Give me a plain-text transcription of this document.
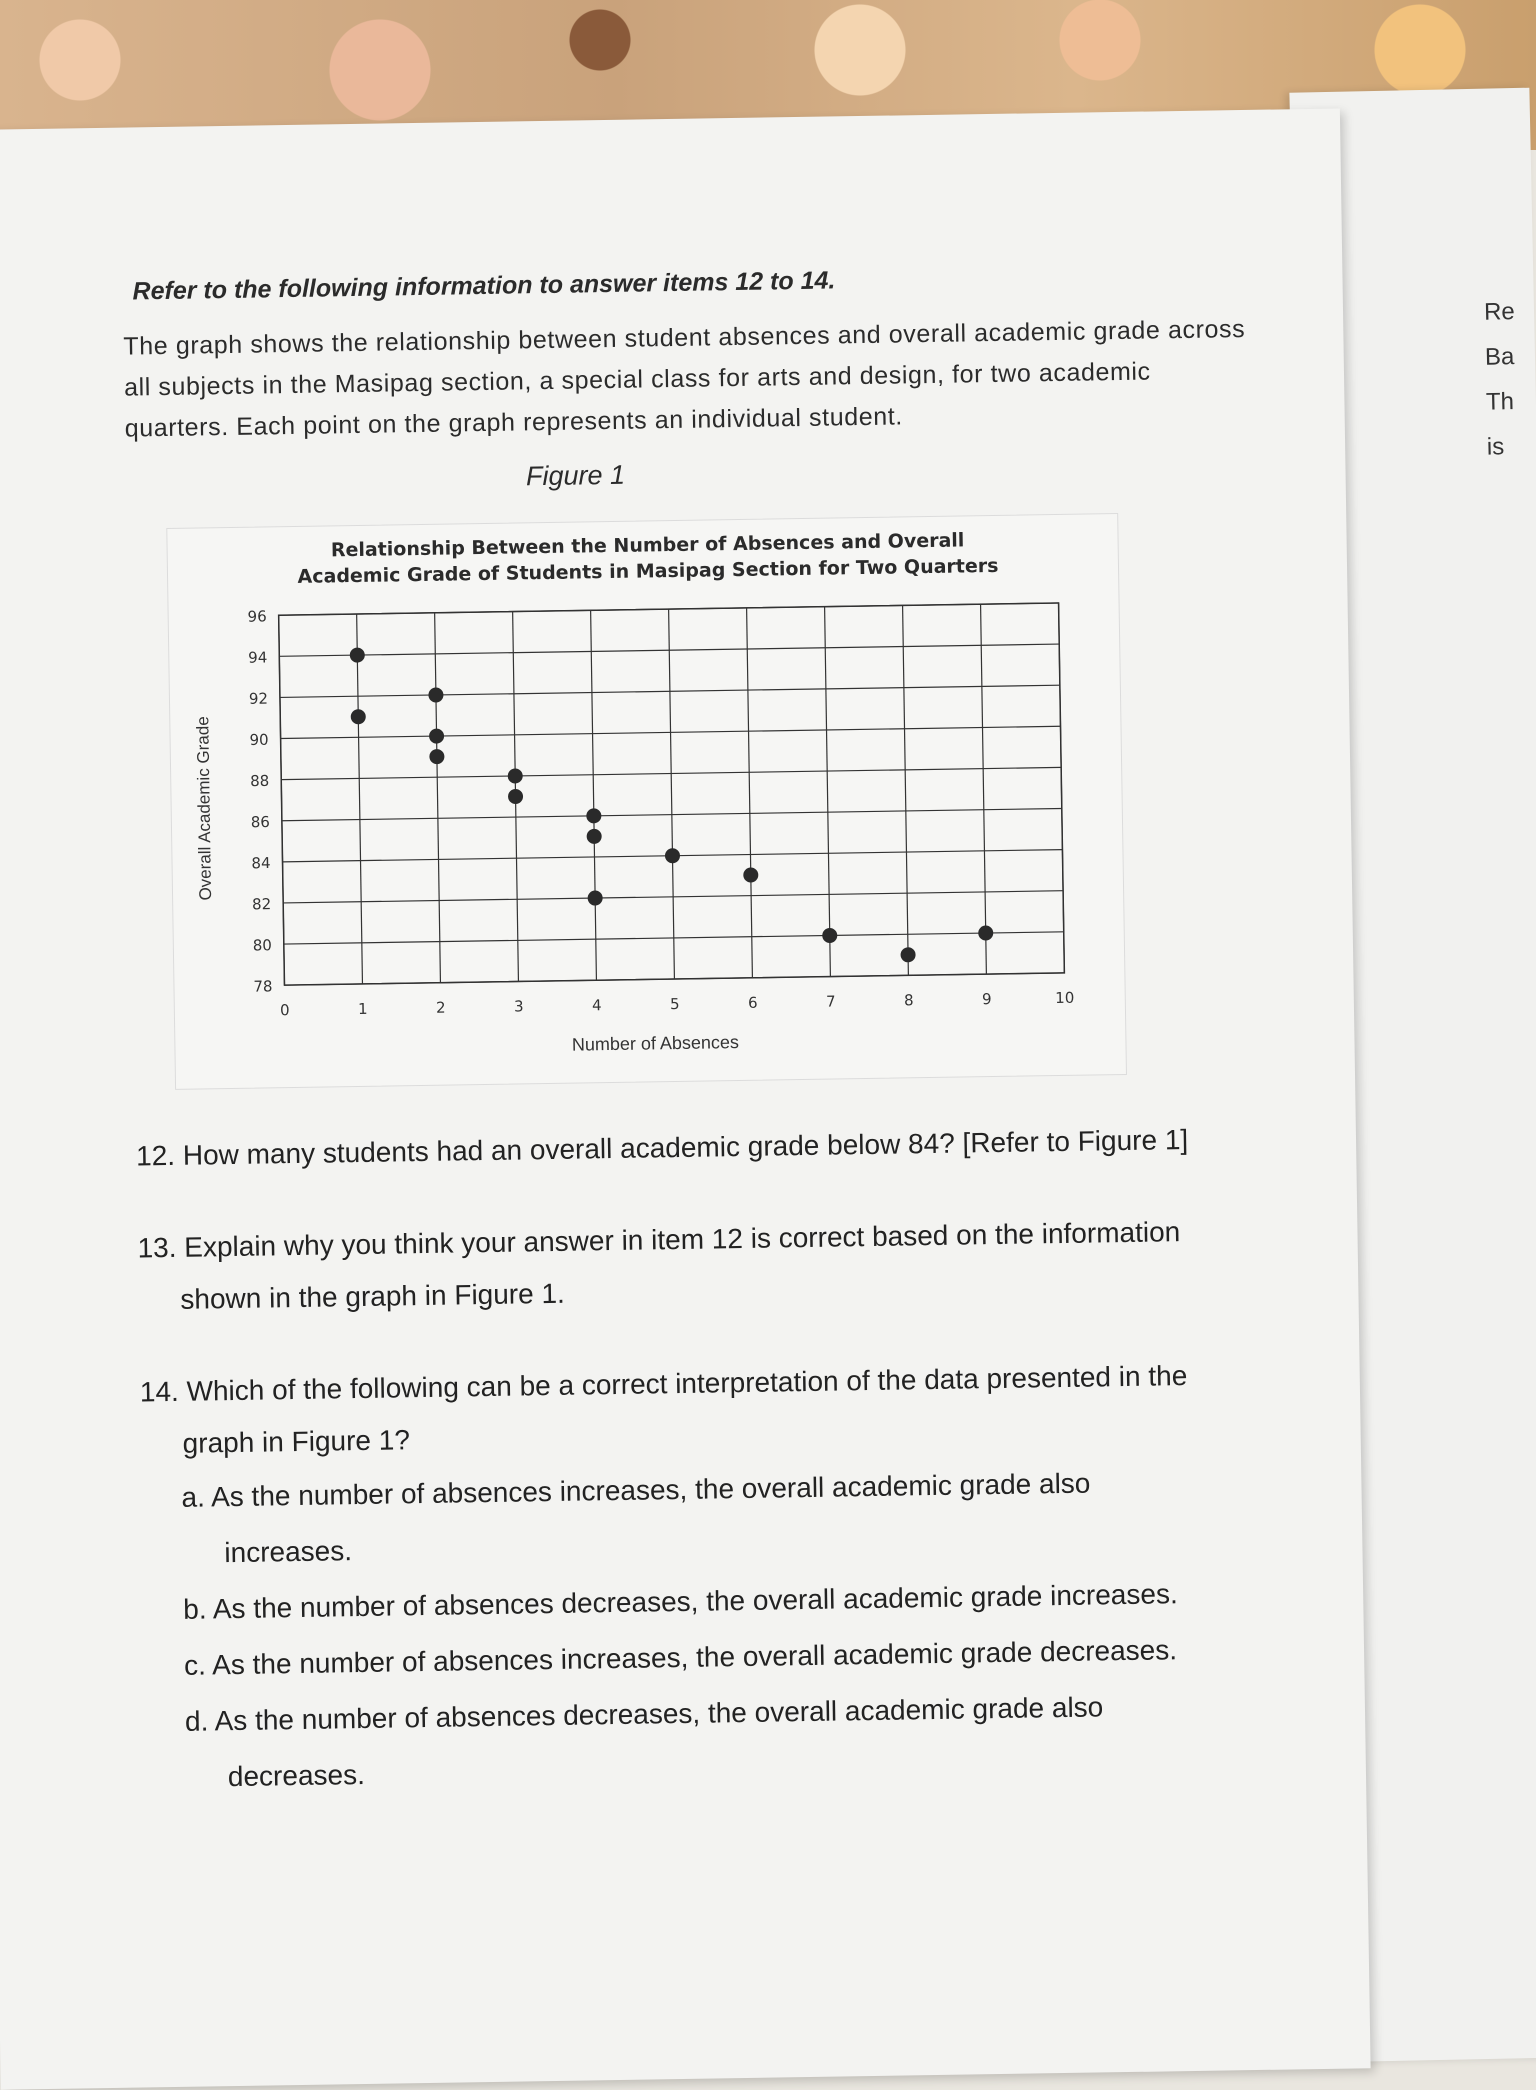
Re
Ba
Th
is

Refer to the following information to answer items 12 to 14.

The graph shows the relationship between student absences and overall academic grade across all subjects in the Masipag section, a special class for arts and design, for two academic quarters. Each point on the graph represents an individual student.

Figure 1
Relationship Between the Number of Absences and Overall
Academic Grade of Students in Masipag Section for Two Quarters
Number of Absences
Overall Academic Grade
78
80
82
84
86
88
90
92
94
96
0	1	2	3	4	5	6	7	8	9	10
12. How many students had an overall academic grade below 84? [Refer to Figure 1]
13. Explain why you think your answer in item 12 is correct based on the information
shown in the graph in Figure 1.
14. Which of the following can be a correct interpretation of the data presented in the
graph in Figure 1?
a. As the number of absences increases, the overall academic grade also
increases.
b. As the number of absences decreases, the overall academic grade increases.
c. As the number of absences increases, the overall academic grade decreases.
d. As the number of absences decreases, the overall academic grade also
decreases.
